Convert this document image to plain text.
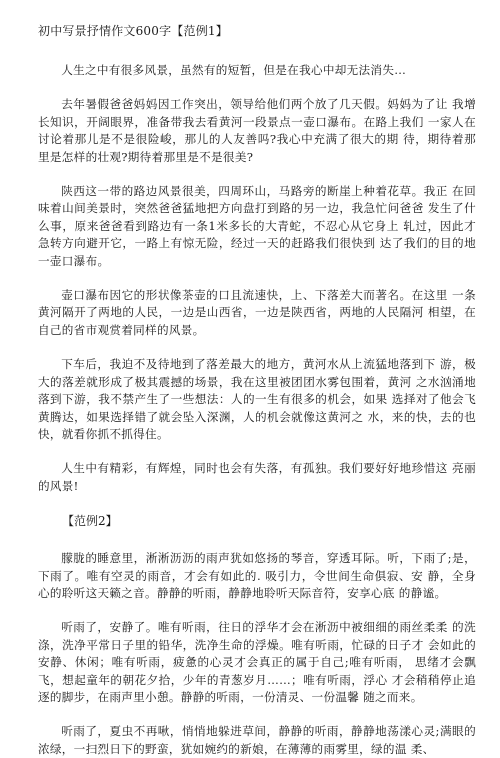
初中写景抒情作文600字【范例1】

人生之中有很多风景，虽然有的短暂，但是在我心中却无法消失…

去年暑假爸爸妈妈因工作突出，领导给他们两个放了几天假。妈妈为了让 我增长知识，开阔眼界，准备带我去看黄河一段景点一壶口瀑布。在路上我们 一家人在讨论着那儿是不是很险峻，那儿的人友善吗?我心中充满了很大的期 待，期待着那里是怎样的壮观?期待着那里是不是很美?

陕西这一带的路边风景很美，四周环山，马路旁的断崖上种着花草。我正 在回味着山间美景时，突然爸爸猛地把方向盘打到路的另一边，我急忙问爸爸 发生了什么事，原来爸爸看到路边有一条1米多长的大青蛇，不忍心从它身上 轧过，因此才急转方向避开它，一路上有惊无险，经过一天的赶路我们很快到 达了我们的目的地一壶口瀑布。

壶口瀑布因它的形状像茶壶的口且流速快，上、下落差大而著名。在这里 一条黄河隔开了两地的人民，一边是山西省，一边是陕西省，两地的人民隔河 相望，在自己的省市观赏着同样的风景。

下车后，我迫不及待地到了落差最大的地方，黄河水从上流猛地落到下 游，极大的落差就形成了极其震撼的场景，我在这里被团团水雾包围着，黄河 之水汹涌地落到下游，我不禁产生了一些想法：人的一生有很多的机会，如果 选择对了他会飞黄腾达，如果选择错了就会坠入深渊，人的机会就像这黄河之 水，来的快，去的也快，就看你抓不抓得住。

人生中有精彩，有辉煌，同时也会有失落，有孤独。我们要好好地珍惜这 亮丽的风景!

【范例2】

朦胧的睡意里，淅淅沥沥的雨声犹如悠扬的琴音，穿透耳际。听，下雨了;是，下雨了。唯有空灵的雨音，才会有如此的. 吸引力，令世间生命俱寂、安 静，全身心的聆听这天籁之音。静静的听雨，静静地聆听天际音符，安享心底 的静谧。

听雨了，安静了。唯有听雨，往日的浮华才会在淅沥中被细细的雨丝柔柔 的洗涤，洗净平常日子里的铅华，洗净生命的浮燥。唯有听雨，忙碌的日子才 会如此的安静、休闲；唯有听雨，疲惫的心灵才会真正的属于自己;唯有听雨， 思绪才会飘飞，想起童年的朝花夕拾，少年的青葱岁月……；唯有听雨，浮心 才会稍稍停止追逐的脚步，在雨声里小憩。静静的听雨，一份清灵、一份温馨 随之而来。

听雨了，夏虫不再啾，悄悄地躲进草间，静静的听雨，静静地荡漾心灵;满眼的浓绿，一扫烈日下的野蛮，犹如婉约的新娘，在薄薄的雨雾里，绿的温 柔、
